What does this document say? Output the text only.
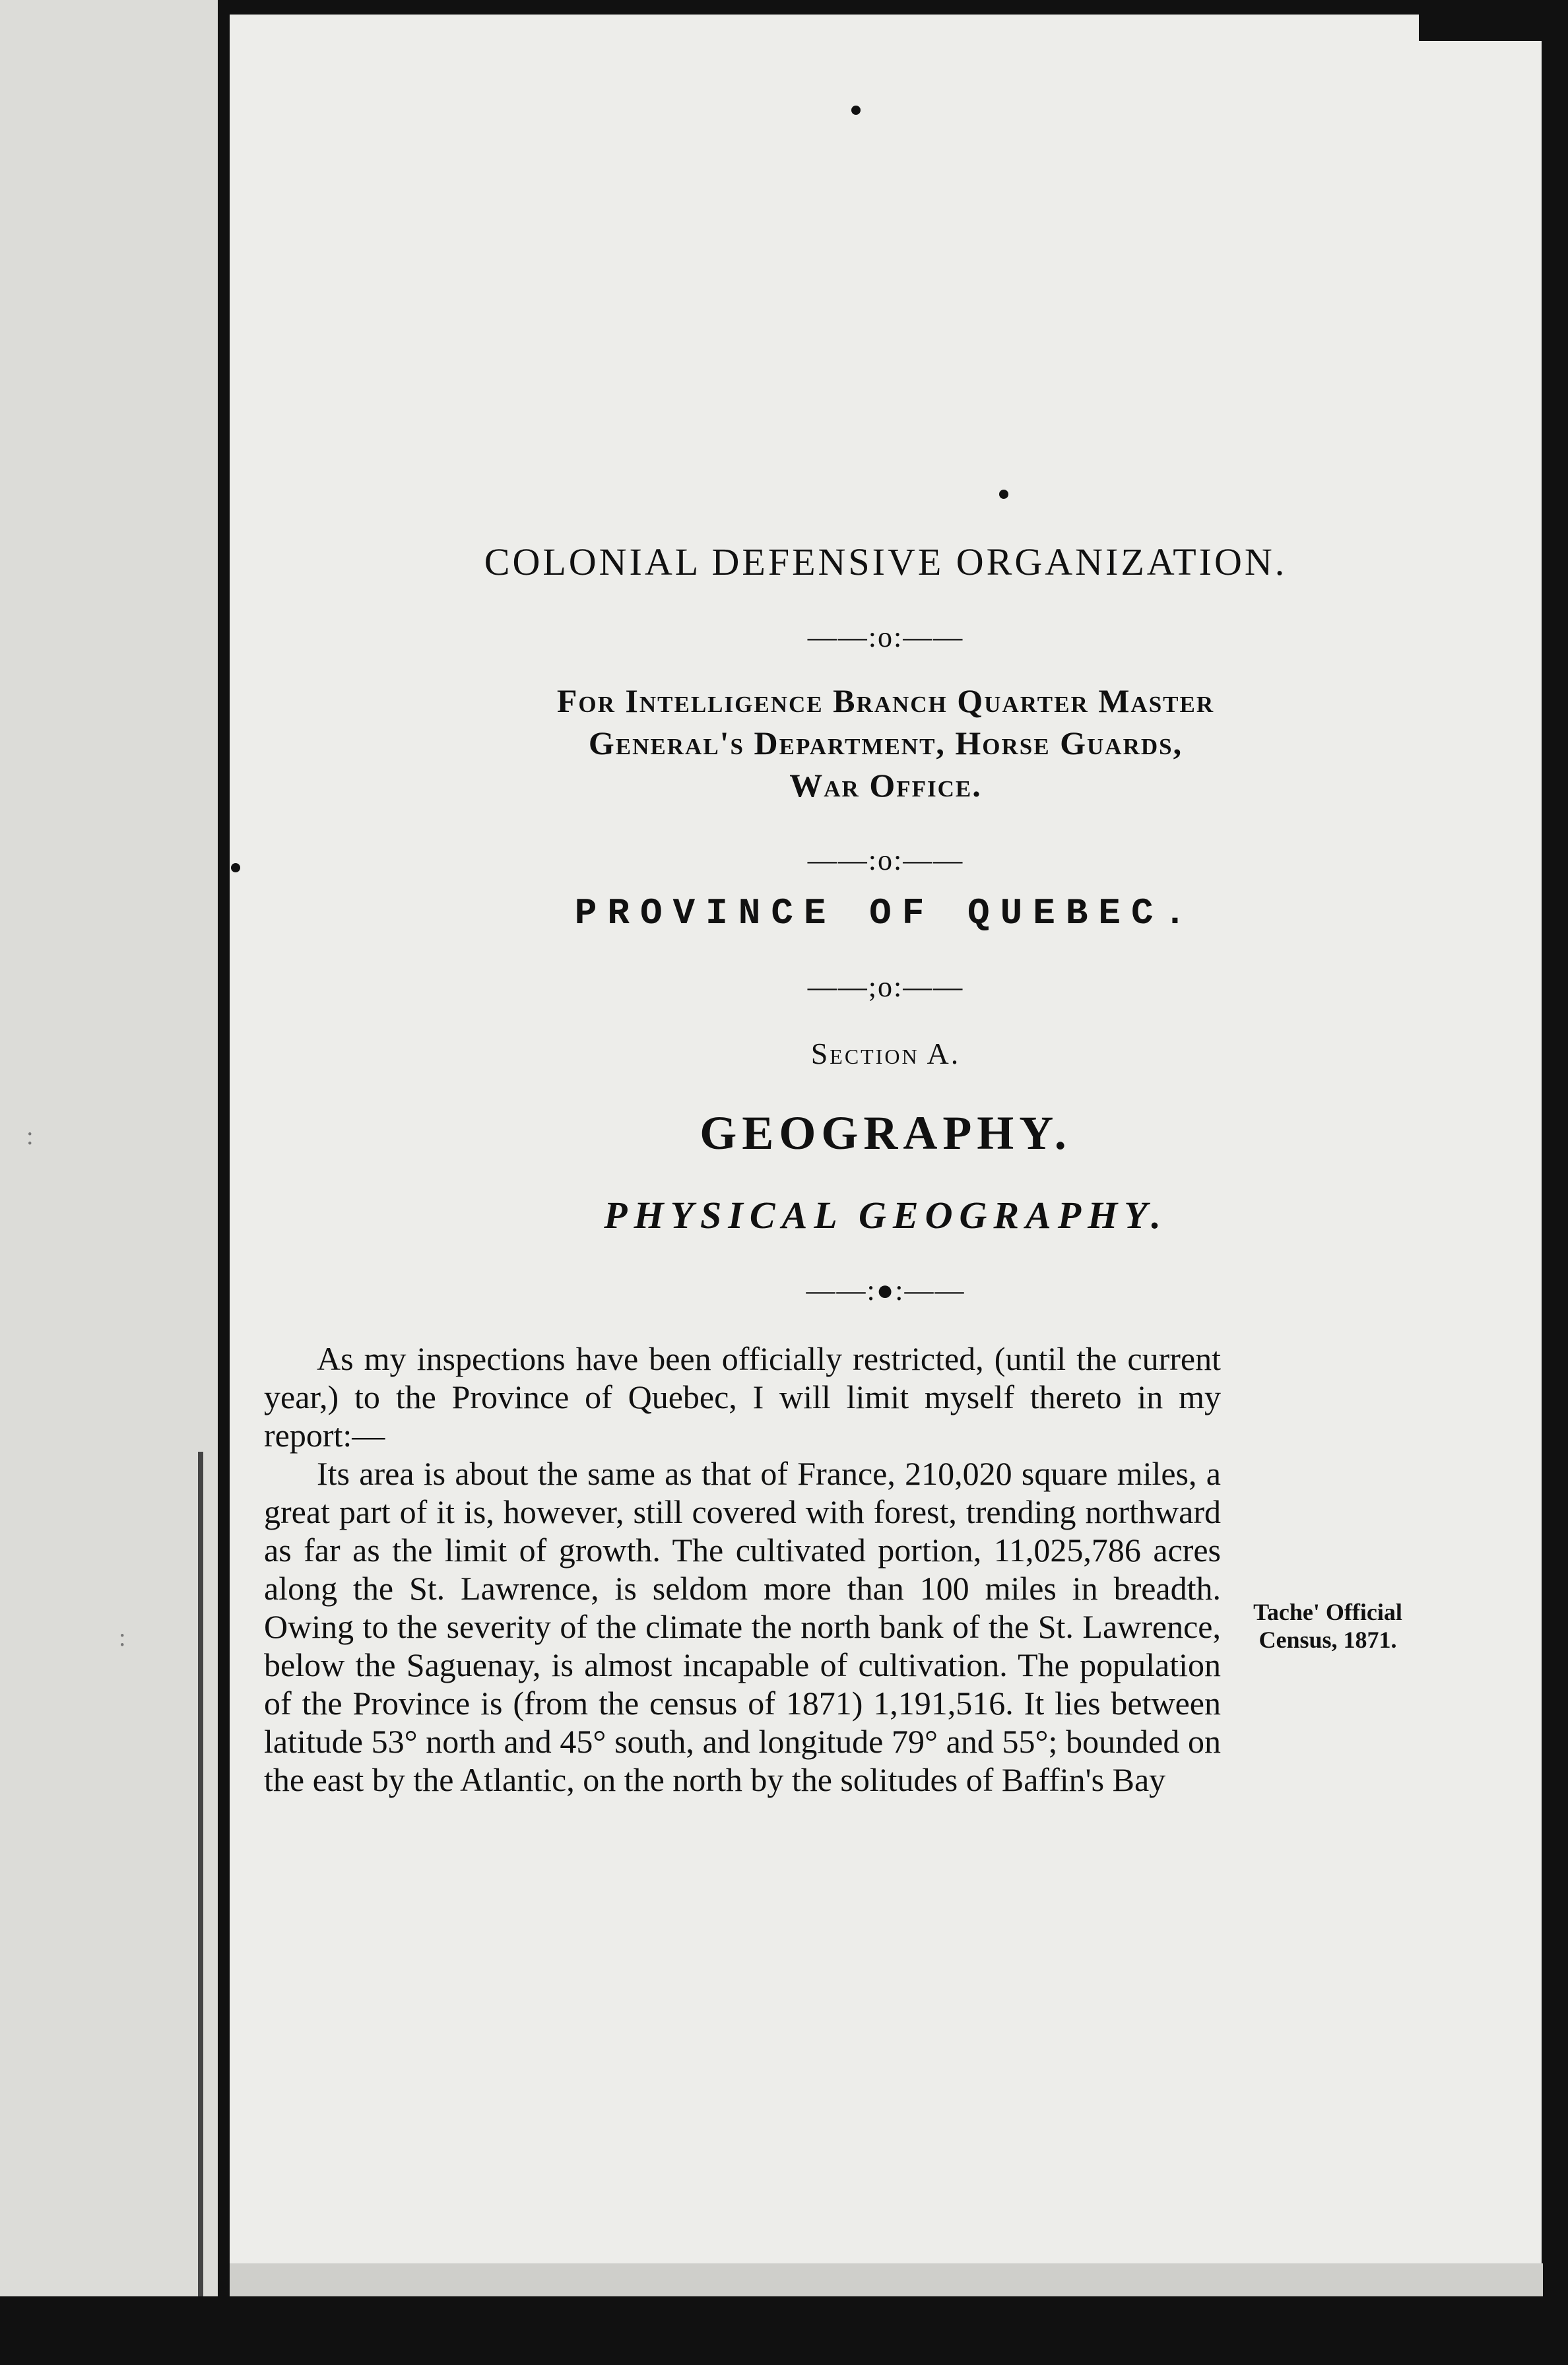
:
:
COLONIAL DEFENSIVE ORGANIZATION.
——:o:——
For Intelligence Branch Quarter Master
General's Department, Horse Guards,
War Office.
——:o:——
PROVINCE OF QUEBEC.
——;o:——
Section A.
GEOGRAPHY.
PHYSICAL GEOGRAPHY.
——:●:——

As my inspections have been officially restricted, (until the current year,) to the Province of Quebec, I will limit myself thereto in my report:—

Its area is about the same as that of France, 210,020 square miles, a great part of it is, however, still covered with forest, trending northward as far as the limit of growth. The cultivated portion, 11,025,786 acres along the St. Lawrence, is seldom more than 100 miles in breadth. Owing to the severity of the climate the north bank of the St. Lawrence, below the Saguenay, is almost incapable of cultivation. The population of the Province is (from the census of 1871) 1,191,516. It lies between latitude 53° north and 45° south, and longitude 79° and 55°; bounded on the east by the Atlantic, on the north by the solitudes of Baffin's Bay

Tache' Official
Census, 1871.
